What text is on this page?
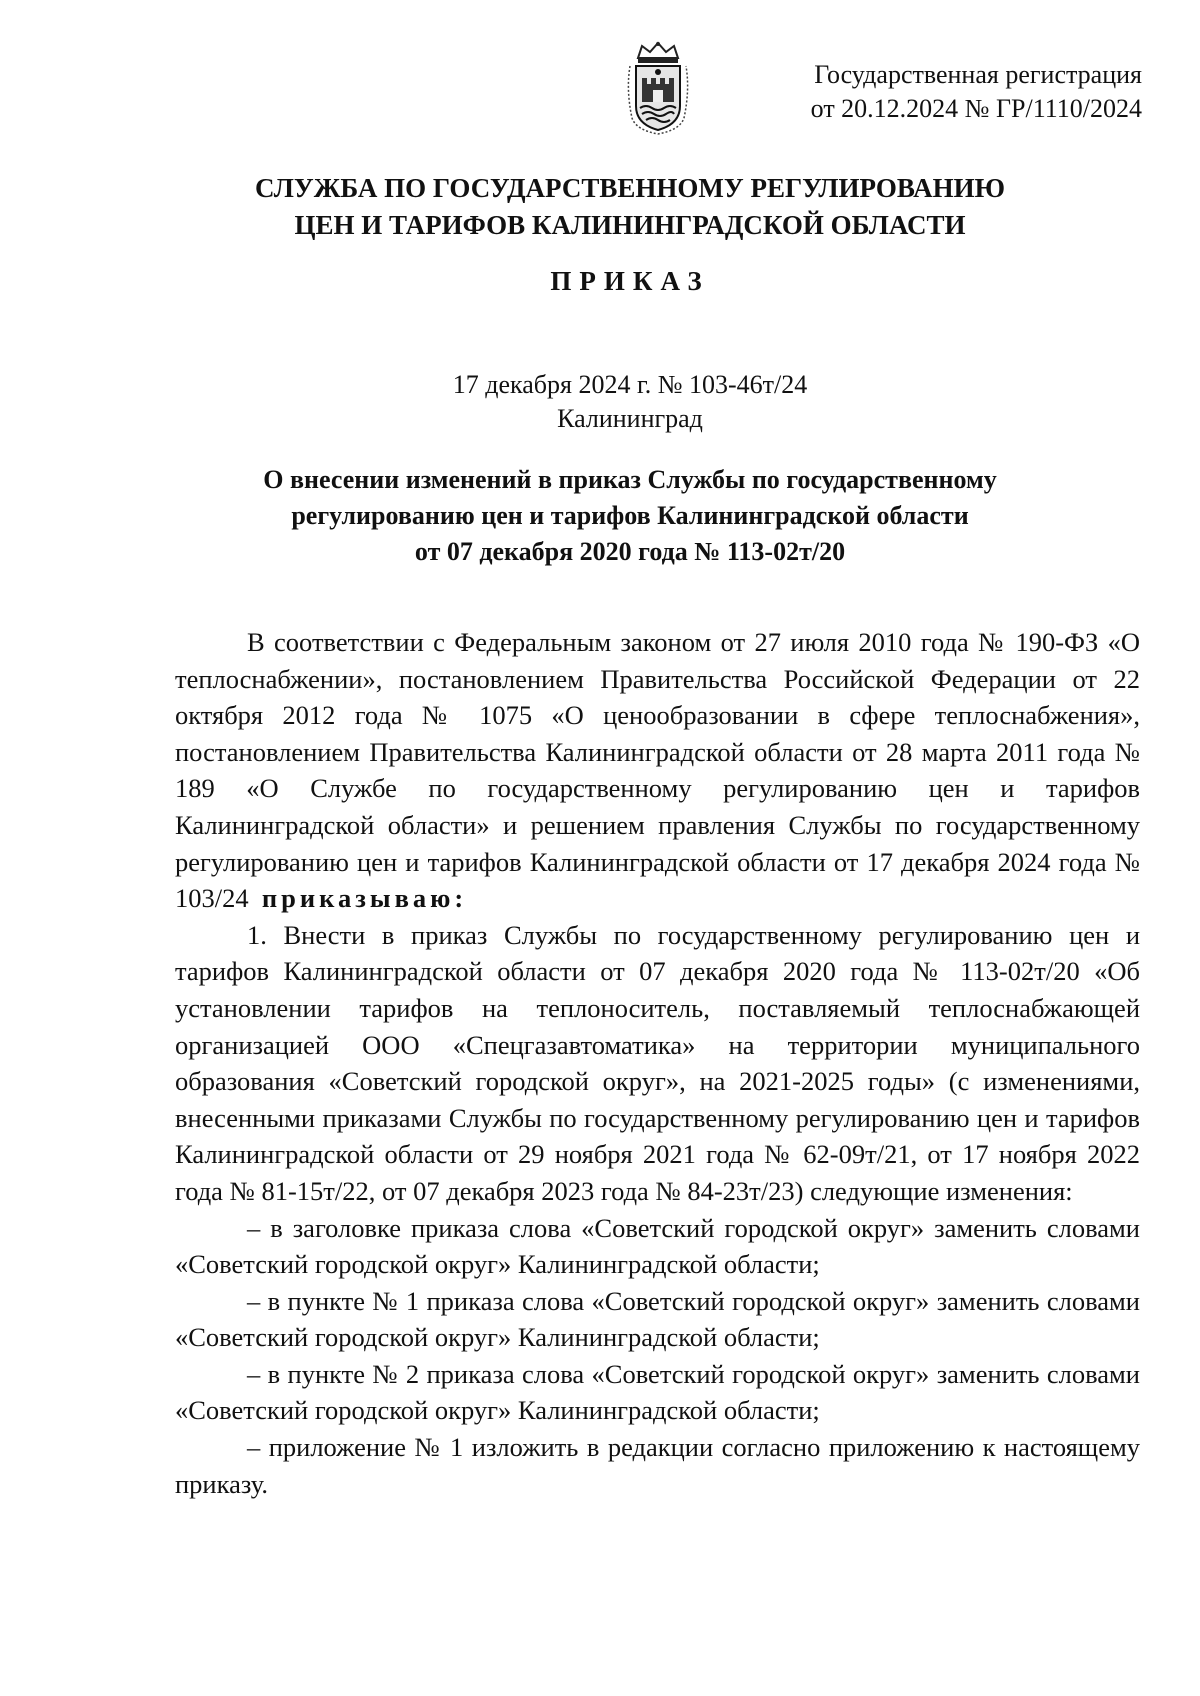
Государственная регистрация
от 20.12.2024 № ГР/1110/2024
СЛУЖБА ПО ГОСУДАРСТВЕННОМУ РЕГУЛИРОВАНИЮ
ЦЕН И ТАРИФОВ КАЛИНИНГРАДСКОЙ ОБЛАСТИ
ПРИКАЗ
17 декабря 2024 г. № 103-46т/24
Калининград
О внесении изменений в приказ Службы по государственному
регулированию цен и тарифов Калининградской области
от 07 декабря 2020 года № 113-02т/20

В соответствии с Федеральным законом от 27 июля 2010 года № 190-ФЗ «О теплоснабжении», постановлением Правительства Российской Федерации от 22 октября 2012 года № 1075 «О ценообразовании в сфере теплоснабжения», постановлением Правительства Калининградской области от 28 марта 2011 года № 189 «О Службе по государственному регулированию цен и тарифов Калининградской области» и решением правления Службы по государственному регулированию цен и тарифов Калининградской области от 17 декабря 2024 года № 103/24 приказываю:

1. Внести в приказ Службы по государственному регулированию цен и тарифов Калининградской области от 07 декабря 2020 года № 113-02т/20 «Об установлении тарифов на теплоноситель, поставляемый теплоснабжающей организацией ООО «Спецгазавтоматика» на территории муниципального образования «Советский городской округ», на 2021-2025 годы» (с изменениями, внесенными приказами Службы по государственному регулированию цен и тарифов Калининградской области от 29 ноября 2021 года № 62-09т/21, от 17 ноября 2022 года № 81-15т/22, от 07 декабря 2023 года № 84-23т/23) следующие изменения:

– в заголовке приказа слова «Советский городской округ» заменить словами «Советский городской округ» Калининградской области;

– в пункте № 1 приказа слова «Советский городской округ» заменить словами «Советский городской округ» Калининградской области;

– в пункте № 2 приказа слова «Советский городской округ» заменить словами «Советский городской округ» Калининградской области;

– приложение № 1 изложить в редакции согласно приложению к настоящему приказу.
